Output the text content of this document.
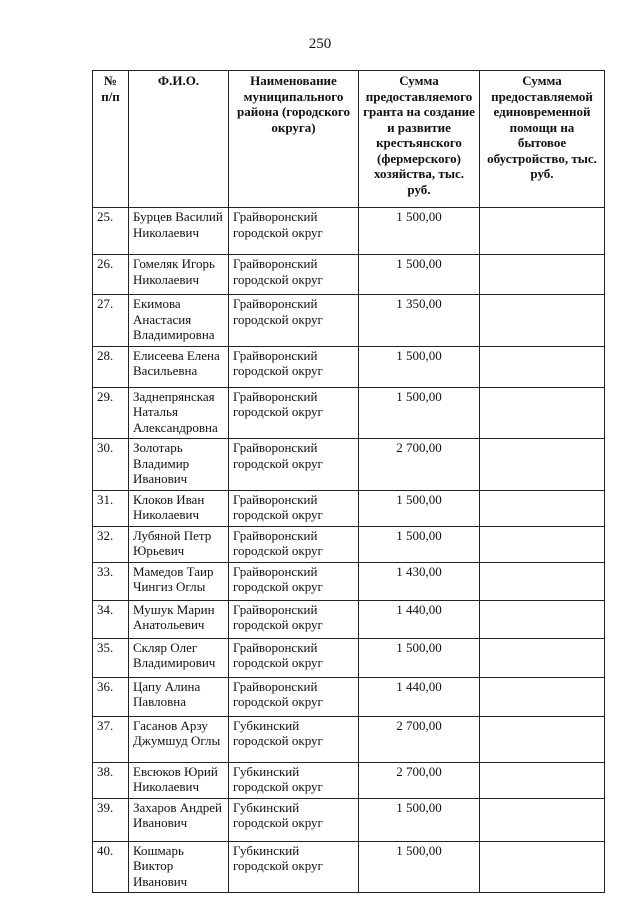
250
№ п/п	Ф.И.О.	Наименование муниципального района (городского округа)	Сумма предоставляемого гранта на создание и развитие крестьянского (фермерского) хозяйства, тыс. руб.	Сумма предоставляемой единовременной помощи на бытовое обустройство, тыс. руб.
25.	Бурцев Василий Николаевич	Грайворонский городской округ	1 500,00	
26.	Гомеляк Игорь Николаевич	Грайворонский городской округ	1 500,00	
27.	Екимова Анастасия Владимировна	Грайворонский городской округ	1 350,00	
28.	Елисеева Елена Васильевна	Грайворонский городской округ	1 500,00	
29.	Заднепрянская Наталья Александровна	Грайворонский городской округ	1 500,00	
30.	Золотарь Владимир Иванович	Грайворонский городской округ	2 700,00	
31.	Клоков Иван Николаевич	Грайворонский городской округ	1 500,00	
32.	Лубяной Петр Юрьевич	Грайворонский городской округ	1 500,00	
33.	Мамедов Таир Чингиз Оглы	Грайворонский городской округ	1 430,00	
34.	Мушук Марин Анатольевич	Грайворонский городской округ	1 440,00	
35.	Скляр Олег Владимирович	Грайворонский городской округ	1 500,00	
36.	Цапу Алина Павловна	Грайворонский городской округ	1 440,00	
37.	Гасанов Арзу Джумшуд Оглы	Губкинский городской округ	2 700,00	
38.	Евсюков Юрий Николаевич	Губкинский городской округ	2 700,00	
39.	Захаров Андрей Иванович	Губкинский городской округ	1 500,00	
40.	Кошмарь Виктор Иванович	Губкинский городской округ	1 500,00	
